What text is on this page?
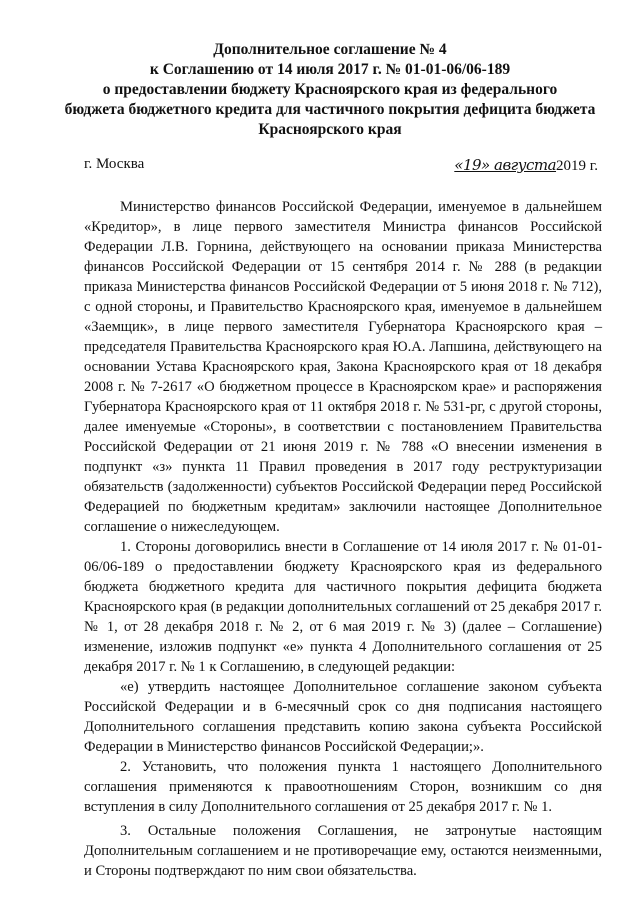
Дополнительное соглашение № 4
к Соглашению от 14 июля 2017 г. № 01-01-06/06-189
о предоставлении бюджету Красноярского края из федерального
бюджета бюджетного кредита для частичного покрытия дефицита бюджета
Красноярского края
г. Москва	«19» августа2019 г.

Министерство финансов Российской Федерации, именуемое в дальнейшем «Кредитор», в лице первого заместителя Министра финансов Российской Федерации Л.В. Горнина, действующего на основании приказа Министерства финансов Российской Федерации от 15 сентября 2014 г. № 288 (в редакции приказа Министерства финансов Российской Федерации от 5 июня 2018 г. № 712), с одной стороны, и Правительство Красноярского края, именуемое в дальнейшем «Заемщик», в лице первого заместителя Губернатора Красноярского края – председателя Правительства Красноярского края Ю.А. Лапшина, действующего на основании Устава Красноярского края, Закона Красноярского края от 18 декабря 2008 г. № 7-2617 «О бюджетном процессе в Красноярском крае» и распоряжения Губернатора Красноярского края от 11 октября 2018 г. № 531-рг, с другой стороны, далее именуемые «Стороны», в соответствии с постановлением Правительства Российской Федерации от 21 июня 2019 г. № 788 «О внесении изменения в подпункт «з» пункта 11 Правил проведения в 2017 году реструктуризации обязательств (задолженности) субъектов Российской Федерации перед Российской Федерацией по бюджетным кредитам» заключили настоящее Дополнительное соглашение о нижеследующем.

1. Стороны договорились внести в Соглашение от 14 июля 2017 г. № 01-01-06/06-189 о предоставлении бюджету Красноярского края из федерального бюджета бюджетного кредита для частичного покрытия дефицита бюджета Красноярского края (в редакции дополнительных соглашений от 25 декабря 2017 г. № 1, от 28 декабря 2018 г. № 2, от 6 мая 2019 г. № 3) (далее – Соглашение) изменение, изложив подпункт «е» пункта 4 Дополнительного соглашения от 25 декабря 2017 г. № 1 к Соглашению, в следующей редакции:

«е) утвердить настоящее Дополнительное соглашение законом субъекта Российской Федерации и в 6-месячный срок со дня подписания настоящего Дополнительного соглашения представить копию закона субъекта Российской Федерации в Министерство финансов Российской Федерации;».

2. Установить, что положения пункта 1 настоящего Дополнительного соглашения применяются к правоотношениям Сторон, возникшим со дня вступления в силу Дополнительного соглашения от 25 декабря 2017 г. № 1.

3. Остальные положения Соглашения, не затронутые настоящим Дополнительным соглашением и не противоречащие ему, остаются неизменными, и Стороны подтверждают по ним свои обязательства.
